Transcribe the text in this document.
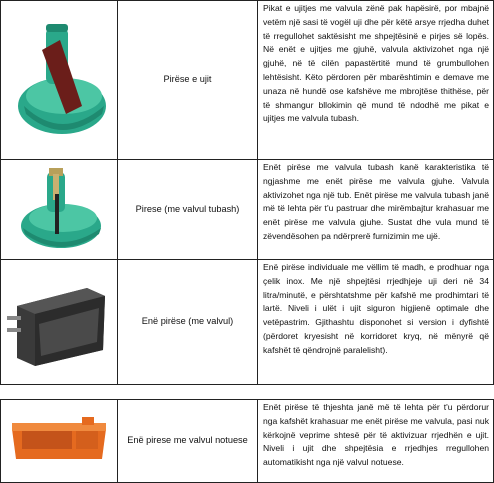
Pirëse e ujit
Pikat e ujitjes me valvula zënë pak hapësirë, por mbajnë vetëm një sasi të vogël uji dhe për këtë arsye rrjedha duhet të rregullohet saktësisht me shpejtësinë e pirjes së lopës. Në enët e ujitjes me gjuhë, valvula aktivizohet nga një gjuhë, në të cilën papastërtitë mund të grumbullohen lehtësisht. Këto përdoren për mbarështimin e demave me unaza në hundë ose kafshëve me mbrojtëse thithëse, për të shmangur bllokimin që mund të ndodhë me pikat e ujitjes me valvula tubash.
Pirese (me valvul tubash)
Enët pirëse me valvula tubash kanë karakteristika të ngjashme me enët pirëse me valvula gjuhe. Valvula aktivizohet nga një tub. Enët pirëse me valvula tubash janë më të lehta për t'u pastruar dhe mirëmbajtur krahasuar me enët pirëse me valvula gjuhe. Sustat dhe vula mund të zëvendësohen pa ndërprerë furnizimin me ujë.
Enë pirëse (me valvul)
Enë pirëse individuale me vëllim të madh, e prodhuar nga çelik inox. Me një shpejtësi rrjedhjeje uji deri në 34 litra/minutë, e përshtatshme për kafshë me prodhimtari të lartë. Niveli i ulët i ujit siguron higjienë optimale dhe vetëpastrim. Gjithashtu disponohet si version i dyfishtë (përdoret kryesisht në korridoret kryq, në mënyrë që kafshët të qëndrojnë paralelisht).
Enë pirese me valvul notuese
Enët pirëse të thjeshta janë më të lehta për t'u përdorur nga kafshët krahasuar me enët pirëse me valvula, pasi nuk kërkojnë veprime shtesë për të aktivizuar rrjedhën e ujit. Niveli i ujit dhe shpejtësia e rrjedhjes rregullohen automatikisht nga një valvul notuese.
